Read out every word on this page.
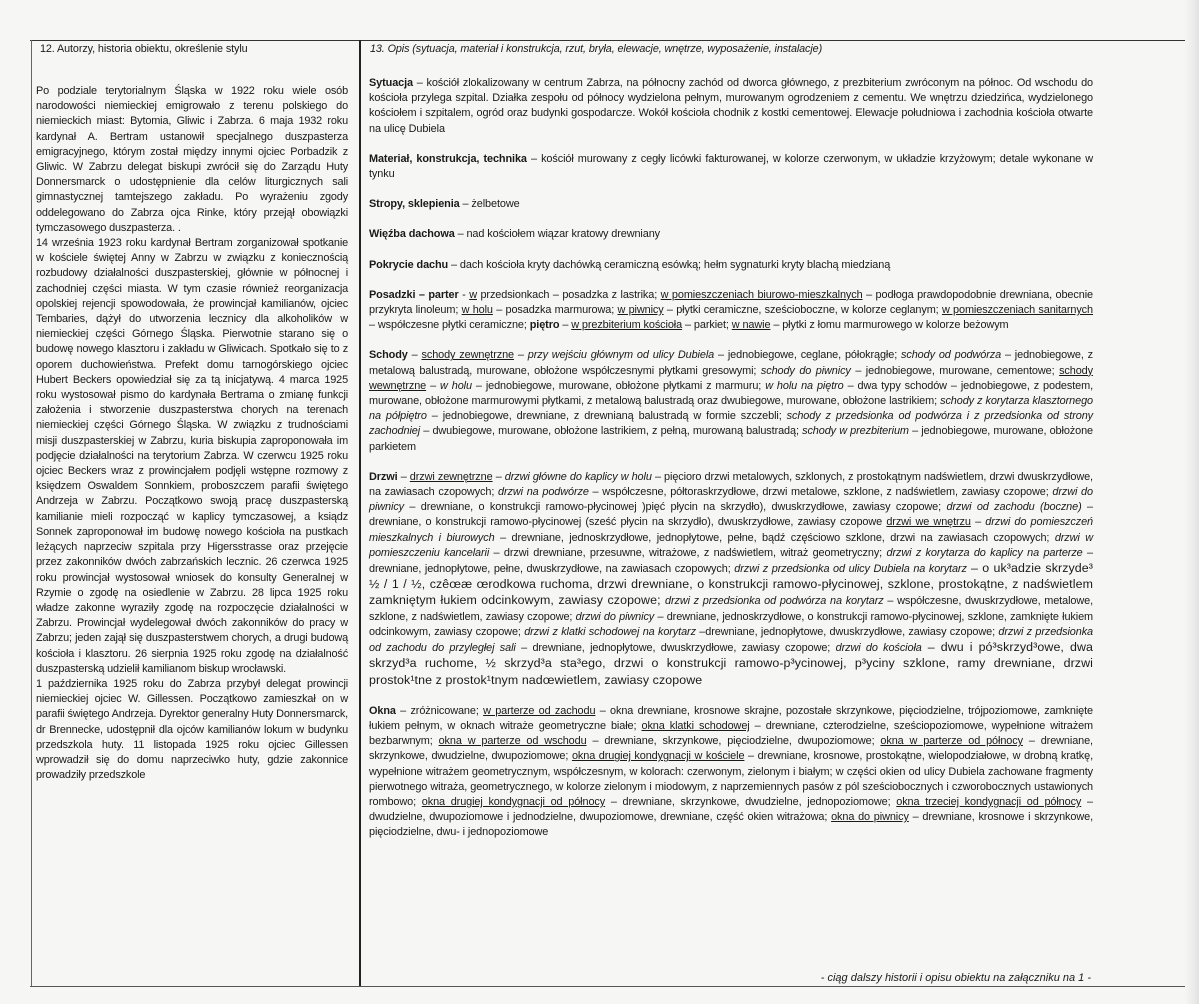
12. Autorzy, historia obiektu, określenie stylu	13. Opis (sytuacja, materiał i konstrukcja, rzut, bryła, elewacje, wnętrze, wyposażenie, instalacje)

Po podziale terytorialnym Śląska w 1922 roku wiele osób narodowości niemieckiej emigrowało z terenu polskiego do niemieckich miast: Bytomia, Gliwic i Zabrza. 6 maja 1932 roku kardynał A. Bertram ustanowił specjalnego duszpasterza emigracyjnego, którym został między innymi ojciec Porbadzik z Gliwic. W Zabrzu delegat biskupi zwrócił się do Zarządu Huty Donnersmarck o udostępnienie dla celów liturgicznych sali gimnastycznej tamtejszego zakładu. Po wyrażeniu zgody oddelegowano do Zabrza ojca Rinke, który przejął obowiązki tymczasowego duszpasterza. .

14 września 1923 roku kardynał Bertram zorganizował spotkanie w kościele świętej Anny w Zabrzu w związku z koniecznością rozbudowy działalności duszpasterskiej, głównie w północnej i zachodniej części miasta. W tym czasie również reorganizacja opolskiej rejencji spowodowała, że prowincjał kamilianów, ojciec Tembaries, dążył do utworzenia lecznicy dla alkoholików w niemieckiej części Górnego Śląska. Pierwotnie starano się o budowę nowego klasztoru i zakładu w Gliwicach. Spotkało się to z oporem duchowieństwa. Prefekt domu tarnogórskiego ojciec Hubert Beckers opowiedział się za tą inicjatywą. 4 marca 1925 roku wystosował pismo do kardynała Bertrama o zmianę funkcji założenia i stworzenie duszpasterstwa chorych na terenach niemieckiej części Górnego Śląska. W związku z trudnościami misji duszpasterskiej w Zabrzu, kuria biskupia zaproponowała im podjęcie działalności na terytorium Zabrza. W czerwcu 1925 roku ojciec Beckers wraz z prowincjałem podjęli wstępne rozmowy z księdzem Oswaldem Sonnkiem, proboszczem parafii świętego Andrzeja w Zabrzu. Początkowo swoją pracę duszpasterską kamilianie mieli rozpocząć w kaplicy tymczasowej, a ksiądz Sonnek zaproponował im budowę nowego kościoła na pustkach leżących naprzeciw szpitala przy Higersstrasse oraz przejęcie przez zakonników dwóch zabrzańskich lecznic. 26 czerwca 1925 roku prowincjał wystosował wniosek do konsulty Generalnej w Rzymie o zgodę na osiedlenie w Zabrzu. 28 lipca 1925 roku władze zakonne wyraziły zgodę na rozpoczęcie działalności w Zabrzu. Prowincjał wydelegował dwóch zakonników do pracy w Zabrzu; jeden zajął się duszpasterstwem chorych, a drugi budową kościoła i klasztoru. 26 sierpnia 1925 roku zgodę na działalność duszpasterską udzielił kamilianom biskup wrocławski.

1 października 1925 roku do Zabrza przybył delegat prowincji niemieckiej ojciec W. Gillessen. Początkowo zamieszkał on w parafii świętego Andrzeja. Dyrektor generalny Huty Donnersmarck, dr Brennecke, udostępnił dla ojców kamilianów lokum w budynku przedszkola huty. 11 listopada 1925 roku ojciec Gillessen wprowadził się do domu naprzeciwko huty, gdzie zakonnice prowadziły przedszkole

Sytuacja – kościół zlokalizowany w centrum Zabrza, na północny zachód od dworca głównego, z prezbiterium zwróconym na północ. Od wschodu do kościoła przylega szpital. Działka zespołu od północy wydzielona pełnym, murowanym ogrodzeniem z cementu. We wnętrzu dziedzińca, wydzielonego kościołem i szpitalem, ogród oraz budynki gospodarcze. Wokół kościoła chodnik z kostki cementowej. Elewacje południowa i zachodnia kościoła otwarte na ulicę Dubiela

Materiał, konstrukcja, technika – kościół murowany z cegły licówki fakturowanej, w kolorze czerwonym, w układzie krzyżowym; detale wykonane w tynku

Stropy, sklepienia – żelbetowe

Więźba dachowa – nad kościołem wiązar kratowy drewniany

Pokrycie dachu – dach kościoła kryty dachówką ceramiczną esówką; hełm sygnaturki kryty blachą miedzianą

Posadzki – parter - w przedsionkach – posadzka z lastrika; w pomieszczeniach biurowo-mieszkalnych – podłoga prawdopodobnie drewniana, obecnie przykryta linoleum; w holu – posadzka marmurowa; w piwnicy – płytki ceramiczne, sześcioboczne, w kolorze ceglanym; w pomieszczeniach sanitarnych – współczesne płytki ceramiczne; piętro – w prezbiterium kościoła – parkiet; w nawie – płytki z łomu marmurowego w kolorze beżowym

Schody – schody zewnętrzne – przy wejściu głównym od ulicy Dubiela – jednobiegowe, ceglane, półokrągłe; schody od podwórza – jednobiegowe, z metalową balustradą, murowane, obłożone współczesnymi płytkami gresowymi; schody do piwnicy – jednobiegowe, murowane, cementowe; schody wewnętrzne – w holu – jednobiegowe, murowane, obłożone płytkami z marmuru; w holu na piętro – dwa typy schodów – jednobiegowe, z podestem, murowane, obłożone marmurowymi płytkami, z metalową balustradą oraz dwubiegowe, murowane, obłożone lastrikiem; schody z korytarza klasztornego na półpiętro – jednobiegowe, drewniane, z drewnianą balustradą w formie szczebli; schody z przedsionka od podwórza i z przedsionka od strony zachodniej – dwubiegowe, murowane, obłożone lastrikiem, z pełną, murowaną balustradą; schody w prezbiterium – jednobiegowe, murowane, obłożone parkietem

Drzwi – drzwi zewnętrzne – drzwi główne do kaplicy w holu – pięcioro drzwi metalowych, szklonych, z prostokątnym nadświetlem, drzwi dwuskrzydłowe, na zawiasach czopowych; drzwi na podwórze – współczesne, półtoraskrzydłowe, drzwi metalowe, szklone, z nadświetlem, zawiasy czopowe; drzwi do piwnicy – drewniane, o konstrukcji ramowo-płycinowej )pięć płycin na skrzydło), dwuskrzydłowe, zawiasy czopowe; drzwi od zachodu (boczne) – drewniane, o konstrukcji ramowo-płycinowej (sześć płycin na skrzydło), dwuskrzydłowe, zawiasy czopowe drzwi we wnętrzu – drzwi do pomieszczeń mieszkalnych i biurowych – drewniane, jednoskrzydłowe, jednopłytowe, pełne, bądź częściowo szklone, drzwi na zawiasach czopowych; drzwi w pomieszczeniu kancelarii – drzwi drewniane, przesuwne, witrażowe, z nadświetlem, witraż geometryczny; drzwi z korytarza do kaplicy na parterze – drewniane, jednopłytowe, pełne, dwuskrzydłowe, na zawiasach czopowych; drzwi z przedsionka od ulicy Dubiela na korytarz – o uk³adzie skrzyde³ ½ / 1 / ½, czêœæ œrodkowa ruchoma, drzwi drewniane, o konstrukcji ramowo-płycinowej, szklone, prostokątne, z nadświetlem zamkniętym łukiem odcinkowym, zawiasy czopowe; drzwi z przedsionka od podwórza na korytarz – współczesne, dwuskrzydłowe, metalowe, szklone, z nadświetlem, zawiasy czopowe; drzwi do piwnicy – drewniane, jednoskrzydłowe, o konstrukcji ramowo-płycinowej, szklone, zamknięte łukiem odcinkowym, zawiasy czopowe; drzwi z klatki schodowej na korytarz –drewniane, jednopłytowe, dwuskrzydłowe, zawiasy czopowe; drzwi z przedsionka od zachodu do przyległej sali – drewniane, jednopłytowe, dwuskrzydłowe, zawiasy czopowe; drzwi do kościoła – dwu i pó³skrzyd³owe, dwa skrzyd³a ruchome, ½ skrzyd³a sta³ego, drzwi o konstrukcji ramowo-p³ycinowej, p³yciny szklone, ramy drewniane, drzwi prostok¹tne z prostok¹tnym nadœwietlem, zawiasy czopowe

Okna – zróżnicowane; w parterze od zachodu – okna drewniane, krosnowe skrajne, pozostałe skrzynkowe, pięciodzielne, trójpoziomowe, zamknięte łukiem pełnym, w oknach witraże geometryczne białe; okna klatki schodowej – drewniane, czterodzielne, sześciopoziomowe, wypełnione witrażem bezbarwnym; okna w parterze od wschodu – drewniane, skrzynkowe, pięciodzielne, dwupoziomowe; okna w parterze od północy – drewniane, skrzynkowe, dwudzielne, dwupoziomowe; okna drugiej kondygnacji w kościele – drewniane, krosnowe, prostokątne, wielopodziałowe, w drobną kratkę, wypełnione witrażem geometrycznym, współczesnym, w kolorach: czerwonym, zielonym i białym; w części okien od ulicy Dubiela zachowane fragmenty pierwotnego witraża, geometrycznego, w kolorze zielonym i miodowym, z naprzemiennych pasów z pól sześciobocznych i czworobocznych ustawionych rombowo; okna drugiej kondygnacji od północy – drewniane, skrzynkowe, dwudzielne, jednopoziomowe; okna trzeciej kondygnacji od północy – dwudzielne, dwupoziomowe i jednodzielne, dwupoziomowe, drewniane, część okien witrażowa; okna do piwnicy – drewniane, krosnowe i skrzynkowe, pięciodzielne, dwu- i jednopoziomowe

- ciąg dalszy historii i opisu obiektu na załączniku na 1 -
